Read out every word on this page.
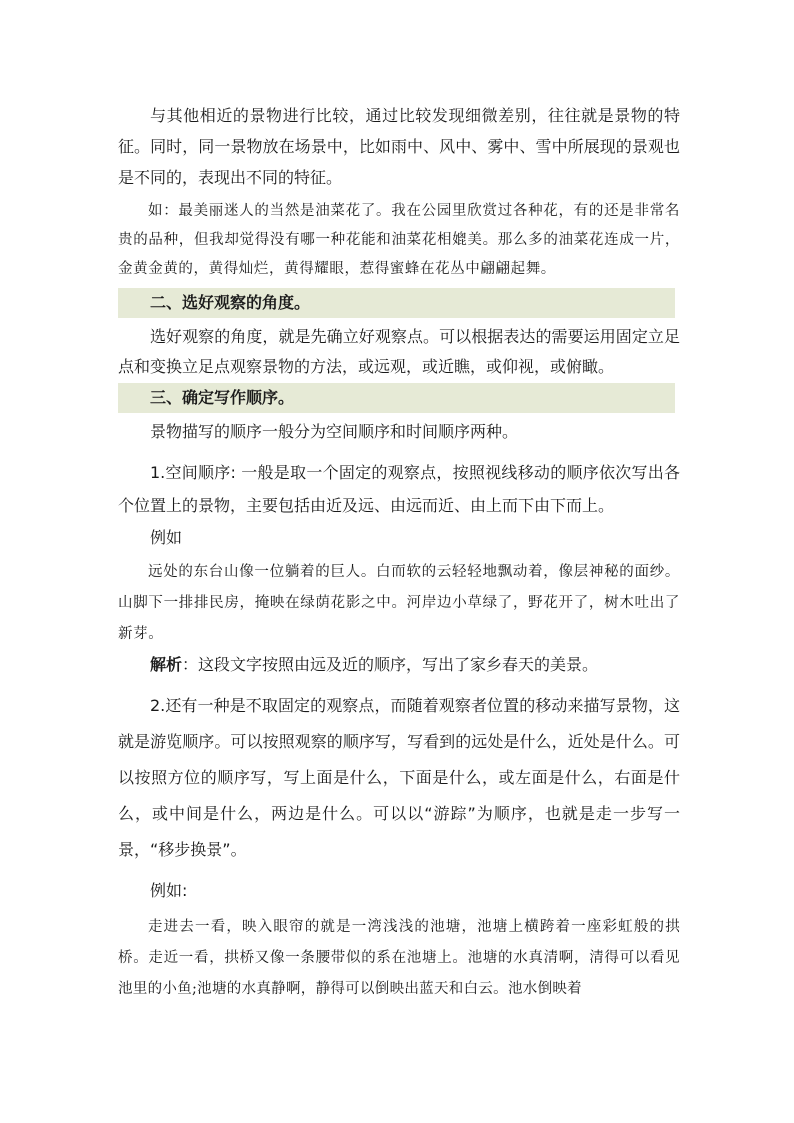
与其他相近的景物进行比较，通过比较发现细微差别，往往就是景物的特征。同时，同一景物放在场景中，比如雨中、风中、雾中、雪中所展现的景观也是不同的，表现出不同的特征。
如：最美丽迷人的当然是油菜花了。我在公园里欣赏过各种花，有的还是非常名贵的品种，但我却觉得没有哪一种花能和油菜花相媲美。那么多的油菜花连成一片，金黄金黄的，黄得灿烂，黄得耀眼，惹得蜜蜂在花丛中翩翩起舞。
二、选好观察的角度。
选好观察的角度，就是先确立好观察点。可以根据表达的需要运用固定立足点和变换立足点观察景物的方法，或远观，或近瞧，或仰视，或俯瞰。
三、确定写作顺序。
景物描写的顺序一般分为空间顺序和时间顺序两种。
1.空间顺序: 一般是取一个固定的观察点，按照视线移动的顺序依次写出各个位置上的景物，主要包括由近及远、由远而近、由上而下由下而上。
例如
远处的东台山像一位躺着的巨人。白而软的云轻轻地飘动着，像层神秘的面纱。山脚下一排排民房，掩映在绿荫花影之中。河岸边小草绿了，野花开了，树木吐出了新芽。
解析：这段文字按照由远及近的顺序，写出了家乡春天的美景。
2.还有一种是不取固定的观察点，而随着观察者位置的移动来描写景物，这就是游览顺序。可以按照观察的顺序写，写看到的远处是什么，近处是什么。可以按照方位的顺序写，写上面是什么，下面是什么，或左面是什么，右面是什么，或中间是什么，两边是什么。可以以“游踪”为顺序，也就是走一步写一景，“移步换景”。
例如:
走进去一看，映入眼帘的就是一湾浅浅的池塘，池塘上横跨着一座彩虹般的拱桥。走近一看，拱桥又像一条腰带似的系在池塘上。池塘的水真清啊，清得可以看见池里的小鱼;池塘的水真静啊，静得可以倒映出蓝天和白云。池水倒映着
